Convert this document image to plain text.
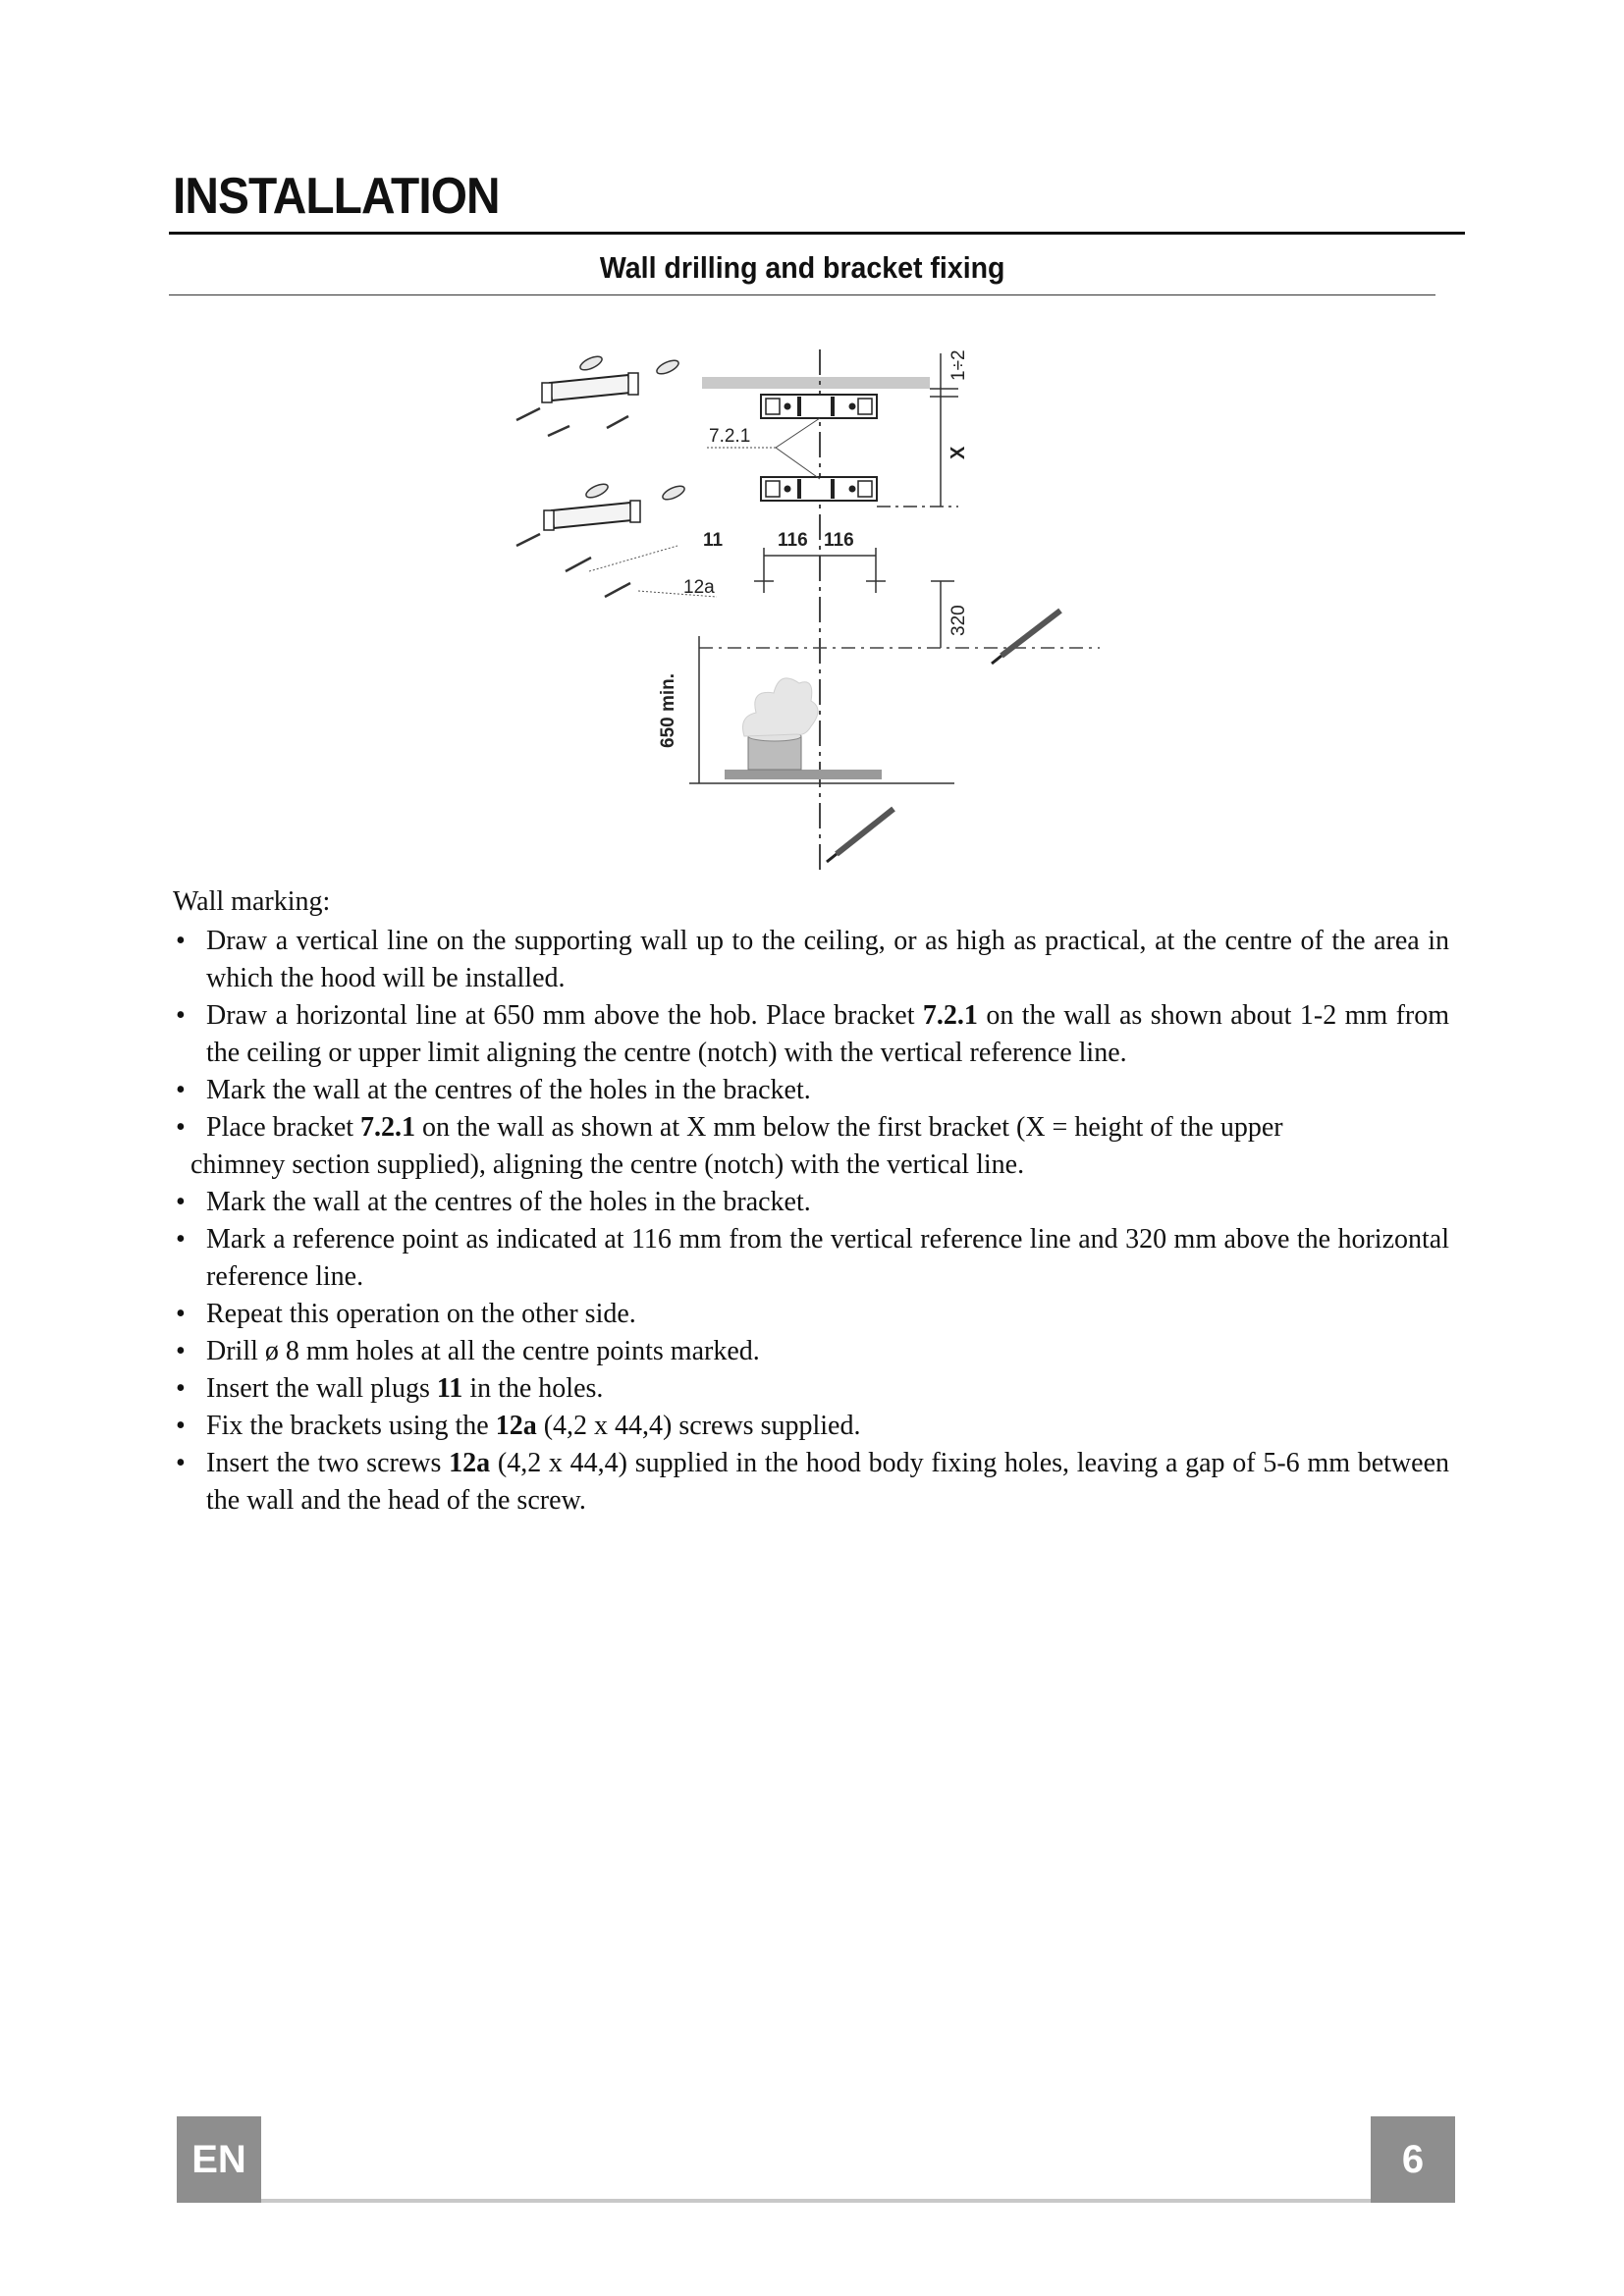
INSTALLATION
Wall drilling and bracket fixing
7.2.1
1÷2
X
116 116
320
650 min.
11
12a

Wall marking:

• Draw a vertical line on the supporting wall up to the ceiling, or as high as practical, at the centre of the area in which the hood will be installed.
• Draw a horizontal line at 650 mm above the hob. Place bracket 7.2.1 on the wall as shown about 1-2 mm from the ceiling or upper limit aligning the centre (notch) with the vertical reference line.
• Mark the wall at the centres of the holes in the bracket.
• Place bracket 7.2.1 on the wall as shown at X mm below the first bracket (X = height of the upper
chimney section supplied), aligning the centre (notch) with the vertical line.
• Mark the wall at the centres of the holes in the bracket.
• Mark a reference point as indicated at 116 mm from the vertical reference line and 320 mm above the horizontal reference line.
• Repeat this operation on the other side.
• Drill ø 8 mm holes at all the centre points marked.
• Insert the wall plugs 11 in the holes.
• Fix the brackets using the 12a (4,2 x 44,4) screws supplied.
• Insert the two screws 12a (4,2 x 44,4) supplied in the hood body fixing holes, leaving a gap of 5-6 mm between the wall and the head of the screw.
EN	6
